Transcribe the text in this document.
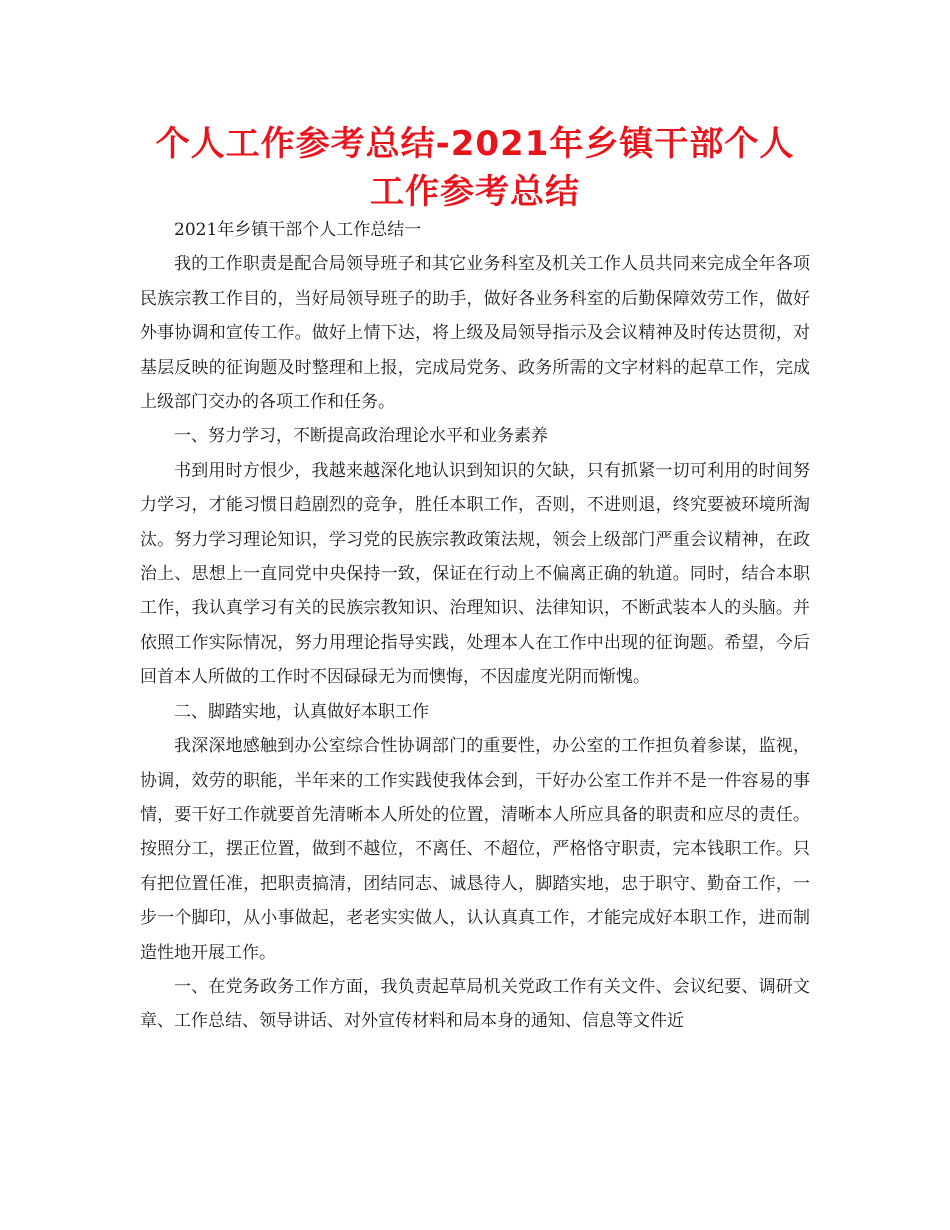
个人工作参考总结-2021年乡镇干部个人工作参考总结

2021年乡镇干部个人工作总结一

我的工作职责是配合局领导班子和其它业务科室及机关工作人员共同来完成全年各项民族宗教工作目的，当好局领导班子的助手，做好各业务科室的后勤保障效劳工作，做好外事协调和宣传工作。做好上情下达，将上级及局领导指示及会议精神及时传达贯彻，对基层反映的征询题及时整理和上报，完成局党务、政务所需的文字材料的起草工作，完成上级部门交办的各项工作和任务。

一、努力学习，不断提高政治理论水平和业务素养

书到用时方恨少，我越来越深化地认识到知识的欠缺，只有抓紧一切可利用的时间努力学习，才能习惯日趋剧烈的竞争，胜任本职工作，否则，不进则退，终究要被环境所淘汰。努力学习理论知识，学习党的民族宗教政策法规，领会上级部门严重会议精神，在政治上、思想上一直同党中央保持一致，保证在行动上不偏离正确的轨道。同时，结合本职工作，我认真学习有关的民族宗教知识、治理知识、法律知识，不断武装本人的头脑。并依照工作实际情况，努力用理论指导实践，处理本人在工作中出现的征询题。希望，今后回首本人所做的工作时不因碌碌无为而懊悔，不因虚度光阴而惭愧。

二、脚踏实地，认真做好本职工作

我深深地感触到办公室综合性协调部门的重要性，办公室的工作担负着参谋，监视，协调，效劳的职能，半年来的工作实践使我体会到，干好办公室工作并不是一件容易的事情，要干好工作就要首先清晰本人所处的位置，清晰本人所应具备的职责和应尽的责任。按照分工，摆正位置，做到不越位，不离任、不超位，严格恪守职责，完本钱职工作。只有把位置任准，把职责搞清，团结同志、诚恳待人，脚踏实地，忠于职守、勤奋工作，一步一个脚印，从小事做起，老老实实做人，认认真真工作，才能完成好本职工作，进而制造性地开展工作。

一、在党务政务工作方面，我负责起草局机关党政工作有关文件、会议纪要、调研文章、工作总结、领导讲话、对外宣传材料和局本身的通知、信息等文件近
